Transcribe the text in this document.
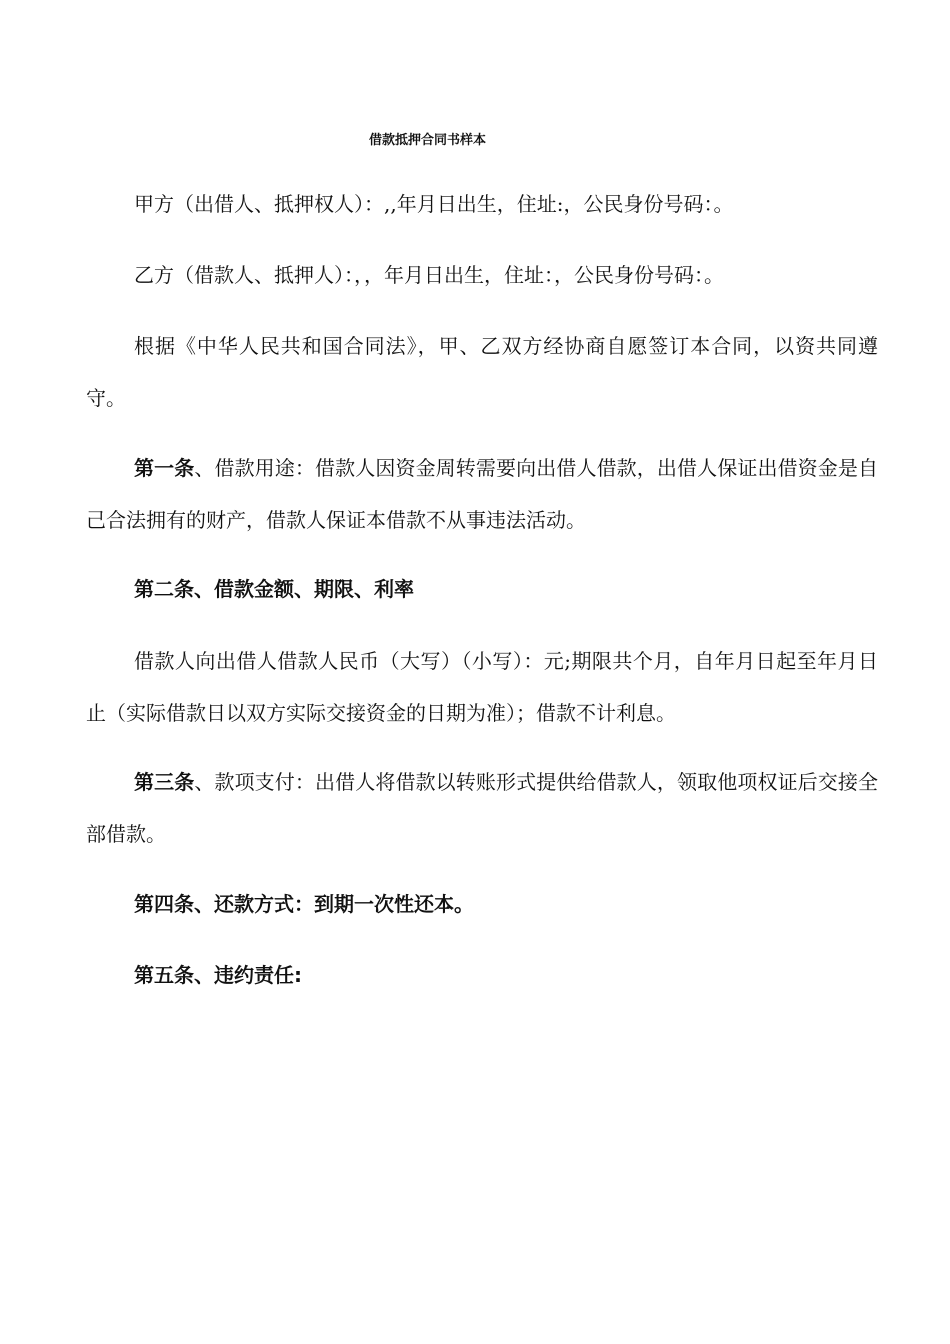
借款抵押合同书样本
甲方（出借人、抵押权人）：,,年月日出生，住址:，公民身份号码：。
乙方（借款人、抵押人）：，，年月日出生，住址：，公民身份号码：。
根据《中华人民共和国合同法》，甲、乙双方经协商自愿签订本合同，以资共同遵守。
第一条、借款用途：借款人因资金周转需要向出借人借款，出借人保证出借资金是自己合法拥有的财产，借款人保证本借款不从事违法活动。
第二条、借款金额、期限、利率
借款人向出借人借款人民币（大写）（小写）：元;期限共个月，自年月日起至年月日止（实际借款日以双方实际交接资金的日期为准）；借款不计利息。
第三条、款项支付：出借人将借款以转账形式提供给借款人，领取他项权证后交接全部借款。
第四条、还款方式：到期一次性还本。
第五条、违约责任:
